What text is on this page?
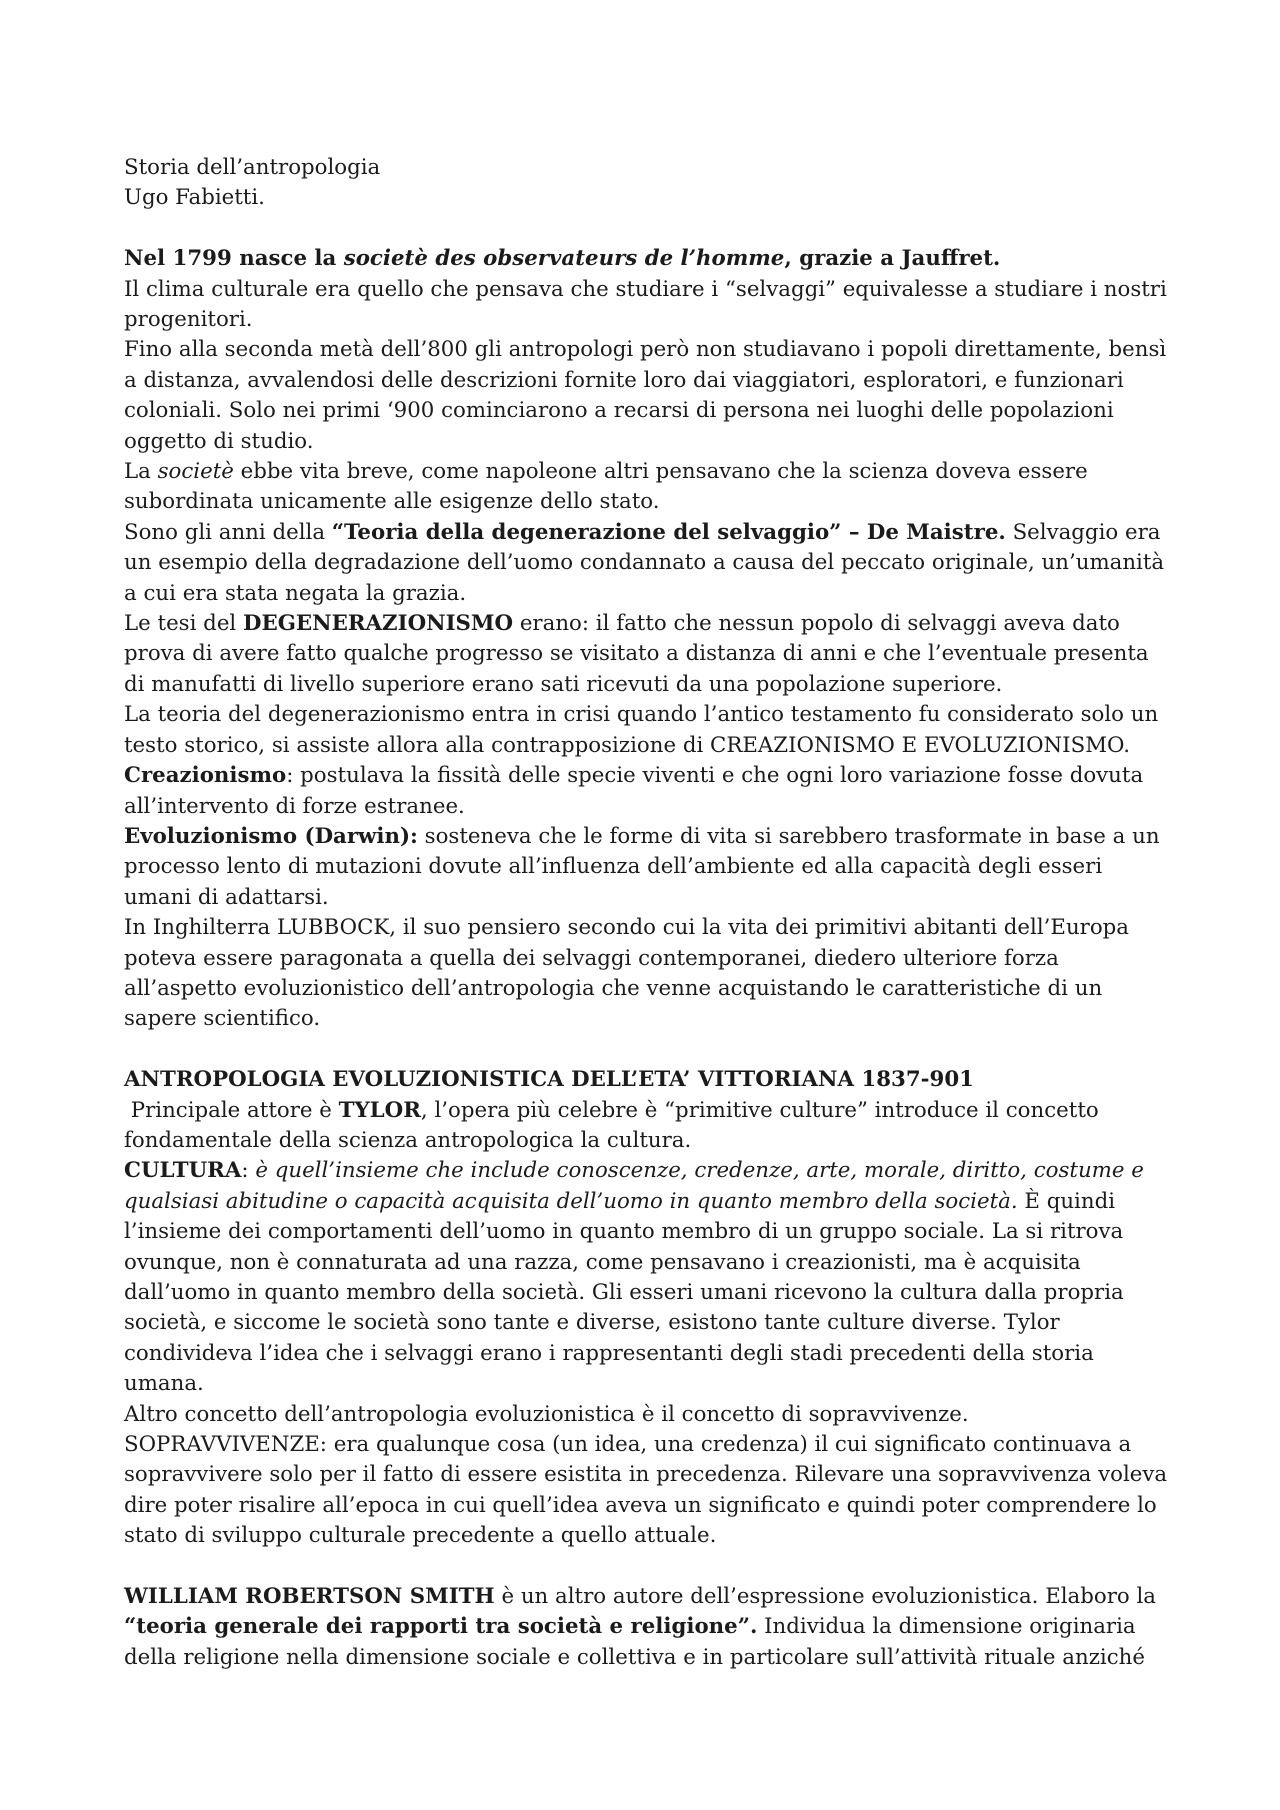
Storia dell’antropologia

Ugo Fabietti.

Nel 1799 nasce la societè des observateurs de l’homme, grazie a Jauffret.

Il clima culturale era quello che pensava che studiare i “selvaggi” equivalesse a studiare i nostri progenitori.

Fino alla seconda metà dell’800 gli antropologi però non studiavano i popoli direttamente, bensì a distanza, avvalendosi delle descrizioni fornite loro dai viaggiatori, esploratori, e funzionari coloniali. Solo nei primi ‘900 cominciarono a recarsi di persona nei luoghi delle popolazioni oggetto di studio.

La societè ebbe vita breve, come napoleone altri pensavano che la scienza doveva essere subordinata unicamente alle esigenze dello stato.

Sono gli anni della “Teoria della degenerazione del selvaggio” – De Maistre. Selvaggio era un esempio della degradazione dell’uomo condannato a causa del peccato originale, un’umanità a cui era stata negata la grazia.

Le tesi del DEGENERAZIONISMO erano: il fatto che nessun popolo di selvaggi aveva dato prova di avere fatto qualche progresso se visitato a distanza di anni e che l’eventuale presenta di manufatti di livello superiore erano sati ricevuti da una popolazione superiore.

La teoria del degenerazionismo entra in crisi quando l’antico testamento fu considerato solo un testo storico, si assiste allora alla contrapposizione di CREAZIONISMO E EVOLUZIONISMO.

Creazionismo: postulava la fissità delle specie viventi e che ogni loro variazione fosse dovuta all’intervento di forze estranee.

Evoluzionismo (Darwin): sosteneva che le forme di vita si sarebbero trasformate in base a un processo lento di mutazioni dovute all’influenza dell’ambiente ed alla capacità degli esseri umani di adattarsi.

In Inghilterra LUBBOCK, il suo pensiero secondo cui la vita dei primitivi abitanti dell’Europa poteva essere paragonata a quella dei selvaggi contemporanei, diedero ulteriore forza all’aspetto evoluzionistico dell’antropologia che venne acquistando le caratteristiche di un sapere scientifico.

ANTROPOLOGIA EVOLUZIONISTICA DELL’ETA’ VITTORIANA 1837-901

Principale attore è TYLOR, l’opera più celebre è “primitive culture” introduce il concetto fondamentale della scienza antropologica la cultura.

CULTURA: è quell’insieme che include conoscenze, credenze, arte, morale, diritto, costume e qualsiasi abitudine o capacità acquisita dell’uomo in quanto membro della società. È quindi l’insieme dei comportamenti dell’uomo in quanto membro di un gruppo sociale. La si ritrova ovunque, non è connaturata ad una razza, come pensavano i creazionisti, ma è acquisita dall’uomo in quanto membro della società. Gli esseri umani ricevono la cultura dalla propria società, e siccome le società sono tante e diverse, esistono tante culture diverse. Tylor condivideva l’idea che i selvaggi erano i rappresentanti degli stadi precedenti della storia umana.

Altro concetto dell’antropologia evoluzionistica è il concetto di sopravvivenze.

SOPRAVVIVENZE: era qualunque cosa (un idea, una credenza) il cui significato continuava a sopravvivere solo per il fatto di essere esistita in precedenza. Rilevare una sopravvivenza voleva dire poter risalire all’epoca in cui quell’idea aveva un significato e quindi poter comprendere lo stato di sviluppo culturale precedente a quello attuale.

WILLIAM ROBERTSON SMITH è un altro autore dell’espressione evoluzionistica. Elaboro la “teoria generale dei rapporti tra società e religione”. Individua la dimensione originaria della religione nella dimensione sociale e collettiva e in particolare sull’attività rituale anziché
